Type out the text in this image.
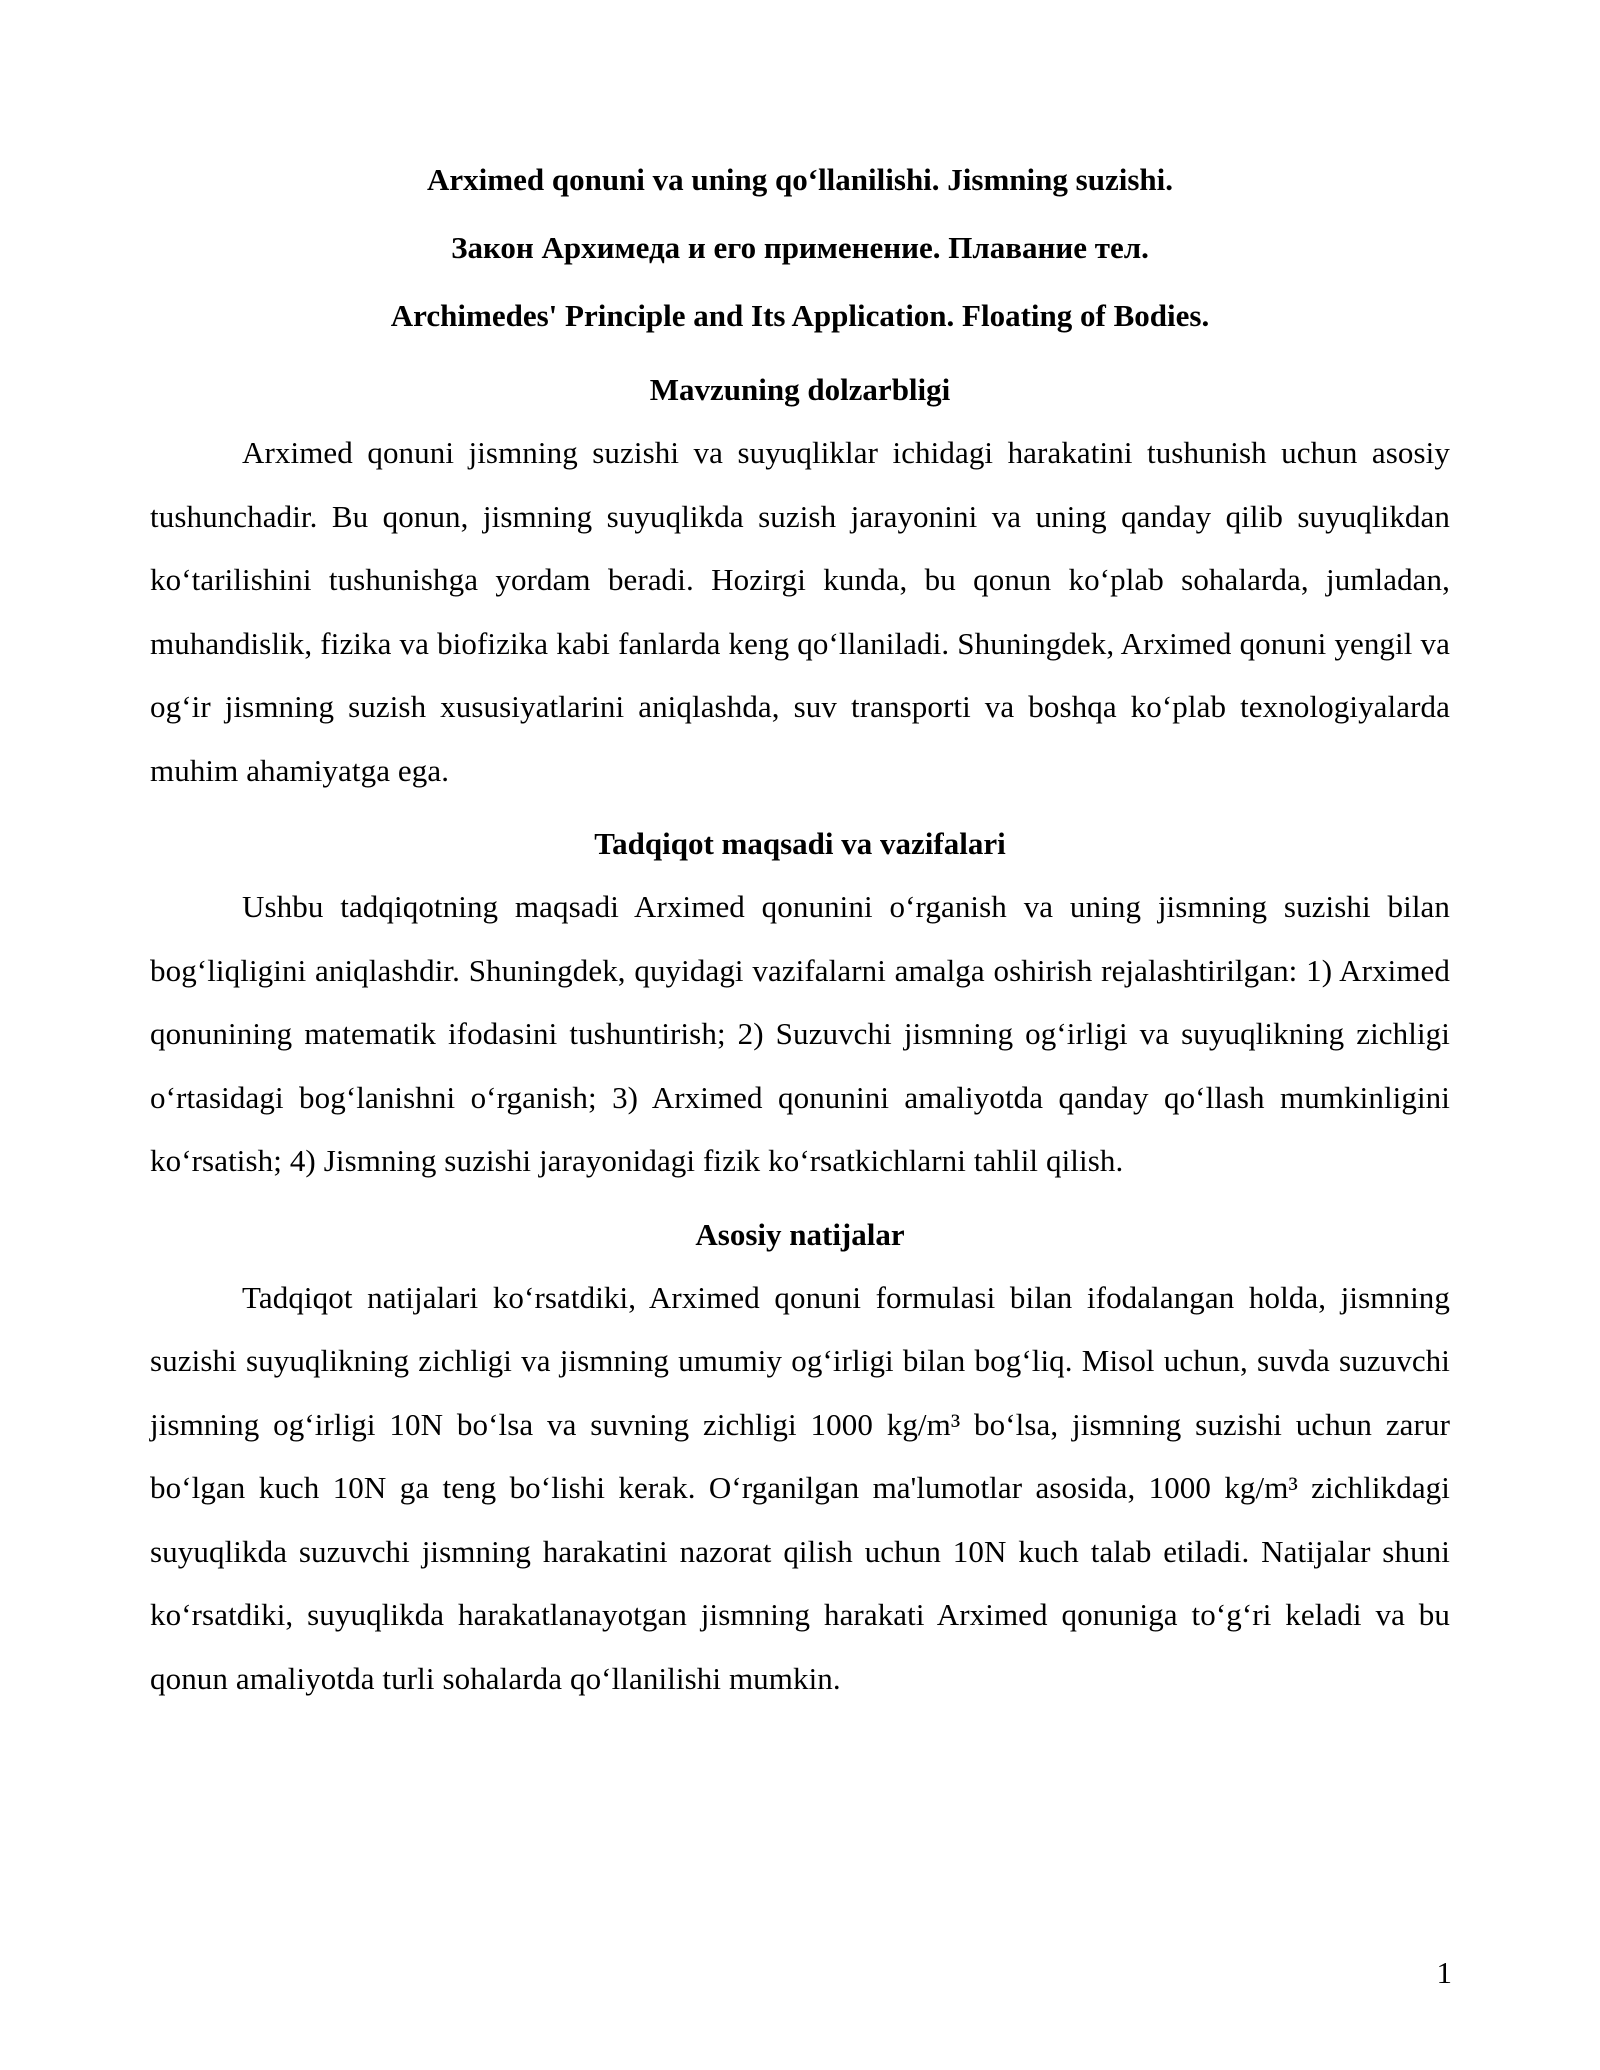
Arximed qonuni va uning qo‘llanilishi. Jismning suzishi.

Закон Архимеда и его применение. Плавание тел.

Archimedes' Principle and Its Application. Floating of Bodies.

Mavzuning dolzarbligi

Arximed qonuni jismning suzishi va suyuqliklar ichidagi harakatini tushunish uchun asosiy tushunchadir. Bu qonun, jismning suyuqlikda suzish jarayonini va uning qanday qilib suyuqlikdan ko‘tarilishini tushunishga yordam beradi. Hozirgi kunda, bu qonun ko‘plab sohalarda, jumladan, muhandislik, fizika va biofizika kabi fanlarda keng qo‘llaniladi. Shuningdek, Arximed qonuni yengil va og‘ir jismning suzish xususiyatlarini aniqlashda, suv transporti va boshqa ko‘plab texnologiyalarda muhim ahamiyatga ega.

Tadqiqot maqsadi va vazifalari

Ushbu tadqiqotning maqsadi Arximed qonunini o‘rganish va uning jismning suzishi bilan bog‘liqligini aniqlashdir. Shuningdek, quyidagi vazifalarni amalga oshirish rejalashtirilgan: 1) Arximed qonunining matematik ifodasini tushuntirish; 2) Suzuvchi jismning og‘irligi va suyuqlikning zichligi o‘rtasidagi bog‘lanishni o‘rganish; 3) Arximed qonunini amaliyotda qanday qo‘llash mumkinligini ko‘rsatish; 4) Jismning suzishi jarayonidagi fizik ko‘rsatkichlarni tahlil qilish.

Asosiy natijalar

Tadqiqot natijalari ko‘rsatdiki, Arximed qonuni formulasi bilan ifodalangan holda, jismning suzishi suyuqlikning zichligi va jismning umumiy og‘irligi bilan bog‘liq. Misol uchun, suvda suzuvchi jismning og‘irligi 10N bo‘lsa va suvning zichligi 1000 kg/m³ bo‘lsa, jismning suzishi uchun zarur bo‘lgan kuch 10N ga teng bo‘lishi kerak. O‘rganilgan ma'lumotlar asosida, 1000 kg/m³ zichlikdagi suyuqlikda suzuvchi jismning harakatini nazorat qilish uchun 10N kuch talab etiladi. Natijalar shuni ko‘rsatdiki, suyuqlikda harakatlanayotgan jismning harakati Arximed qonuniga to‘g‘ri keladi va bu qonun amaliyotda turli sohalarda qo‘llanilishi mumkin.

1
